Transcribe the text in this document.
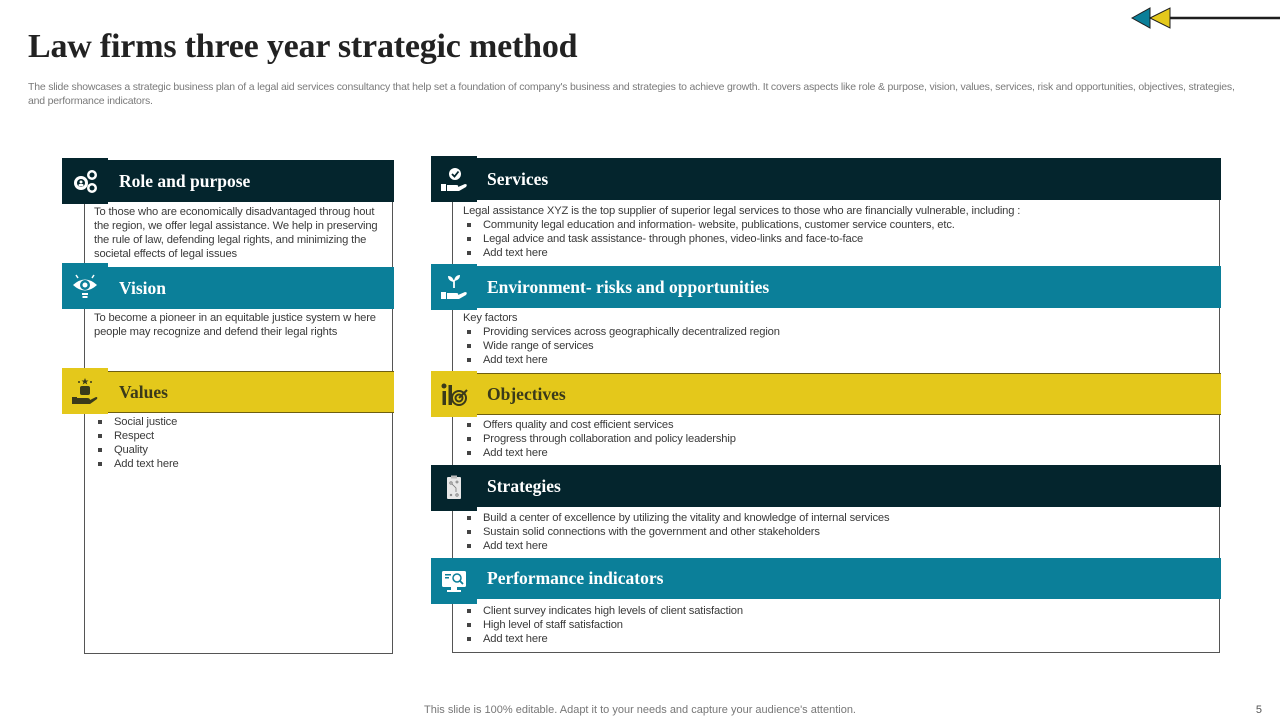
Law firms three year strategic method
The slide showcases a strategic business plan of a legal aid services consultancy that help set a foundation of company's business and strategies to achieve growth. It covers aspects like role & purpose, vision, values, services, risk and opportunities, objectives, strategies, and performance indicators.
Role and purpose
To those who are economically disadvantaged throug hout the region, we offer legal assistance. We help in preserving the rule of law, defending legal rights, and minimizing the societal effects of legal issues
Vision
To become a pioneer in an equitable justice system w here people may recognize and defend their legal rights
Values
Social justice
Respect
Quality
Add text here
Services
Legal assistance XYZ is the top supplier of superior legal services to those who are financially vulnerable, including :
Community legal education and information- website, publications, customer service counters, etc.
Legal advice and task assistance- through phones, video-links and face-to-face
Add text here
Environment- risks and opportunities
Key factors
Providing services across geographically decentralized region
Wide range of services
Add text here
Objectives
Offers quality and cost efficient services
Progress through collaboration and policy leadership
Add text here
Strategies
Build a center of excellence by utilizing the vitality and knowledge of internal services
Sustain solid connections with the government and other stakeholders
Add text here
Performance indicators
Client survey indicates high levels of client satisfaction
High level of staff satisfaction
Add text here
This slide is 100% editable. Adapt it to your needs and capture your audience's attention.	5
